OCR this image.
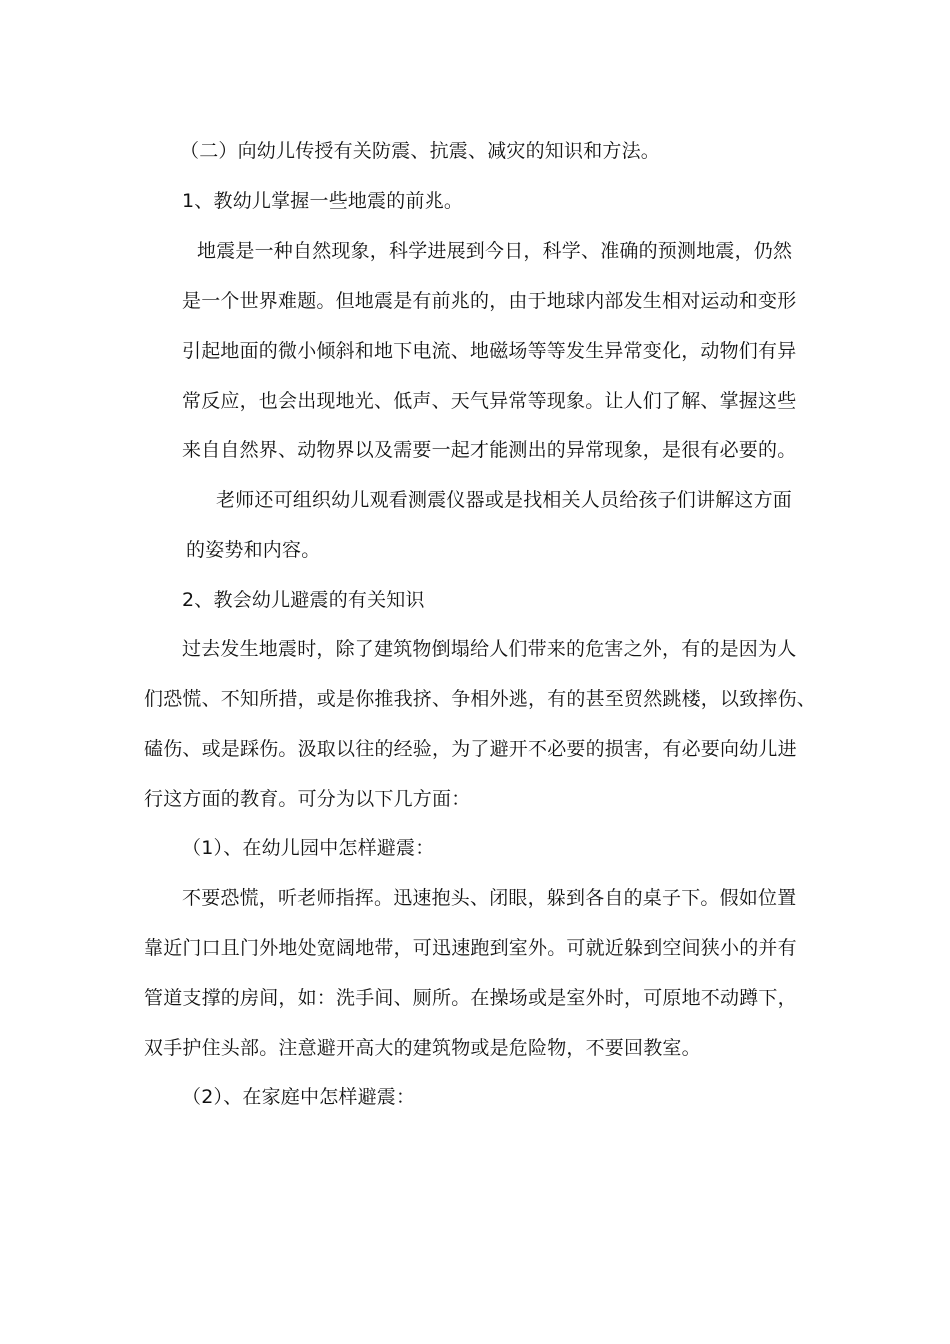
（二）向幼儿传授有关防震、抗震、减灾的知识和方法。
1、教幼儿掌握一些地震的前兆。
地震是一种自然现象，科学进展到今日，科学、准确的预测地震，仍然
是一个世界难题。但地震是有前兆的，由于地球内部发生相对运动和变形
引起地面的微小倾斜和地下电流、地磁场等等发生异常变化，动物们有异
常反应，也会出现地光、低声、天气异常等现象。让人们了解、掌握这些
来自自然界、动物界以及需要一起才能测出的异常现象，是很有必要的。
老师还可组织幼儿观看测震仪器或是找相关人员给孩子们讲解这方面
的姿势和内容。
2、教会幼儿避震的有关知识
过去发生地震时，除了建筑物倒塌给人们带来的危害之外，有的是因为人
们恐慌、不知所措，或是你推我挤、争相外逃，有的甚至贸然跳楼，以致摔伤、
磕伤、或是踩伤。汲取以往的经验，为了避开不必要的损害，有必要向幼儿进
行这方面的教育。可分为以下几方面：
（1）、在幼儿园中怎样避震：
不要恐慌，听老师指挥。迅速抱头、闭眼，躲到各自的桌子下。假如位置
靠近门口且门外地处宽阔地带，可迅速跑到室外。可就近躲到空间狭小的并有
管道支撑的房间，如：洗手间、厕所。在操场或是室外时，可原地不动蹲下，
双手护住头部。注意避开高大的建筑物或是危险物，不要回教室。
（2）、在家庭中怎样避震：
